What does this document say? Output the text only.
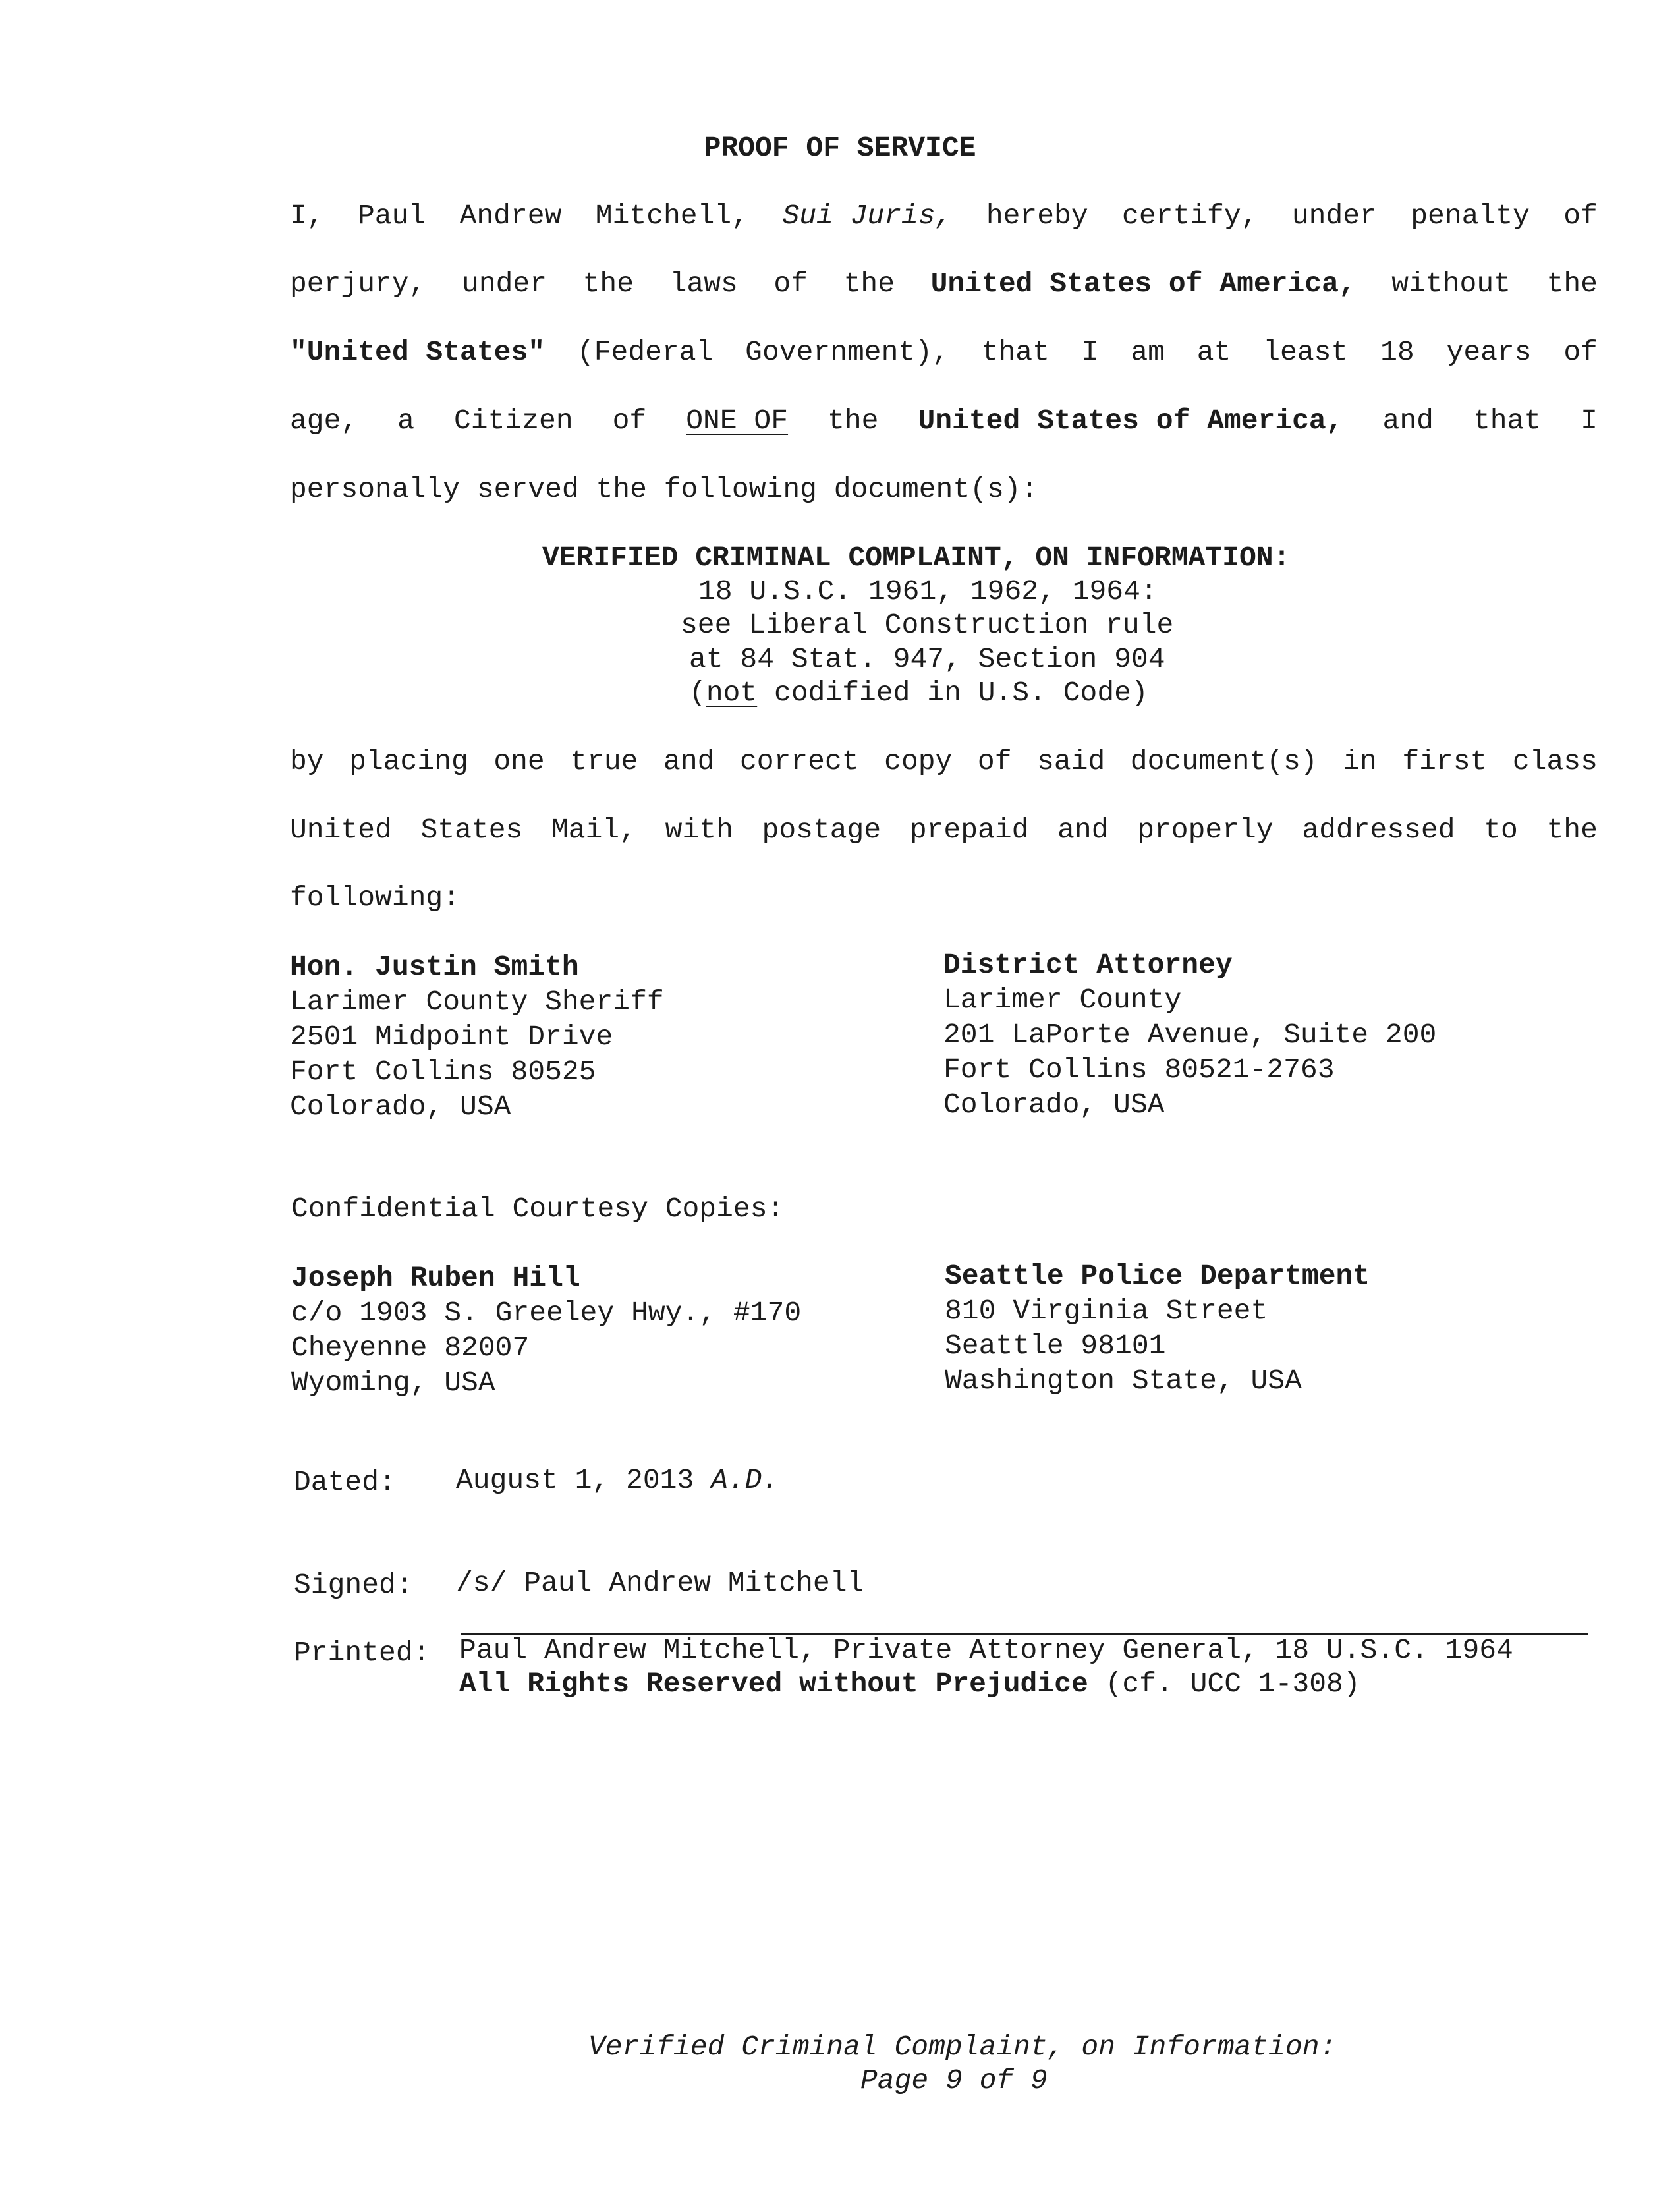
PROOF OF SERVICE
I, Paul Andrew Mitchell, Sui Juris, hereby certify, under penalty of
perjury, under the laws of the United States of America, without the
"United States" (Federal Government), that I am at least 18 years of
age, a Citizen of ONE OF the United States of America, and that I
personally served the following document(s):
VERIFIED CRIMINAL COMPLAINT, ON INFORMATION:
18 U.S.C. 1961, 1962, 1964:
see Liberal Construction rule
at 84 Stat. 947, Section 904
(not codified in U.S. Code)
by placing one true and correct copy of said document(s) in first class
United States Mail, with postage prepaid and properly addressed to the
following:
Hon. Justin Smith
Larimer County Sheriff
2501 Midpoint Drive
Fort Collins 80525
Colorado, USA
District Attorney
Larimer County
201 LaPorte Avenue, Suite 200
Fort Collins 80521-2763
Colorado, USA
Confidential Courtesy Copies:
Joseph Ruben Hill
c/o 1903 S. Greeley Hwy., #170
Cheyenne 82007
Wyoming, USA
Seattle Police Department
810 Virginia Street
Seattle 98101
Washington State, USA
Dated: August 1, 2013 A.D.
Signed: /s/ Paul Andrew Mitchell
Printed: Paul Andrew Mitchell, Private Attorney General, 18 U.S.C. 1964
All Rights Reserved without Prejudice (cf. UCC 1-308)
Verified Criminal Complaint, on Information:
Page 9 of 9
